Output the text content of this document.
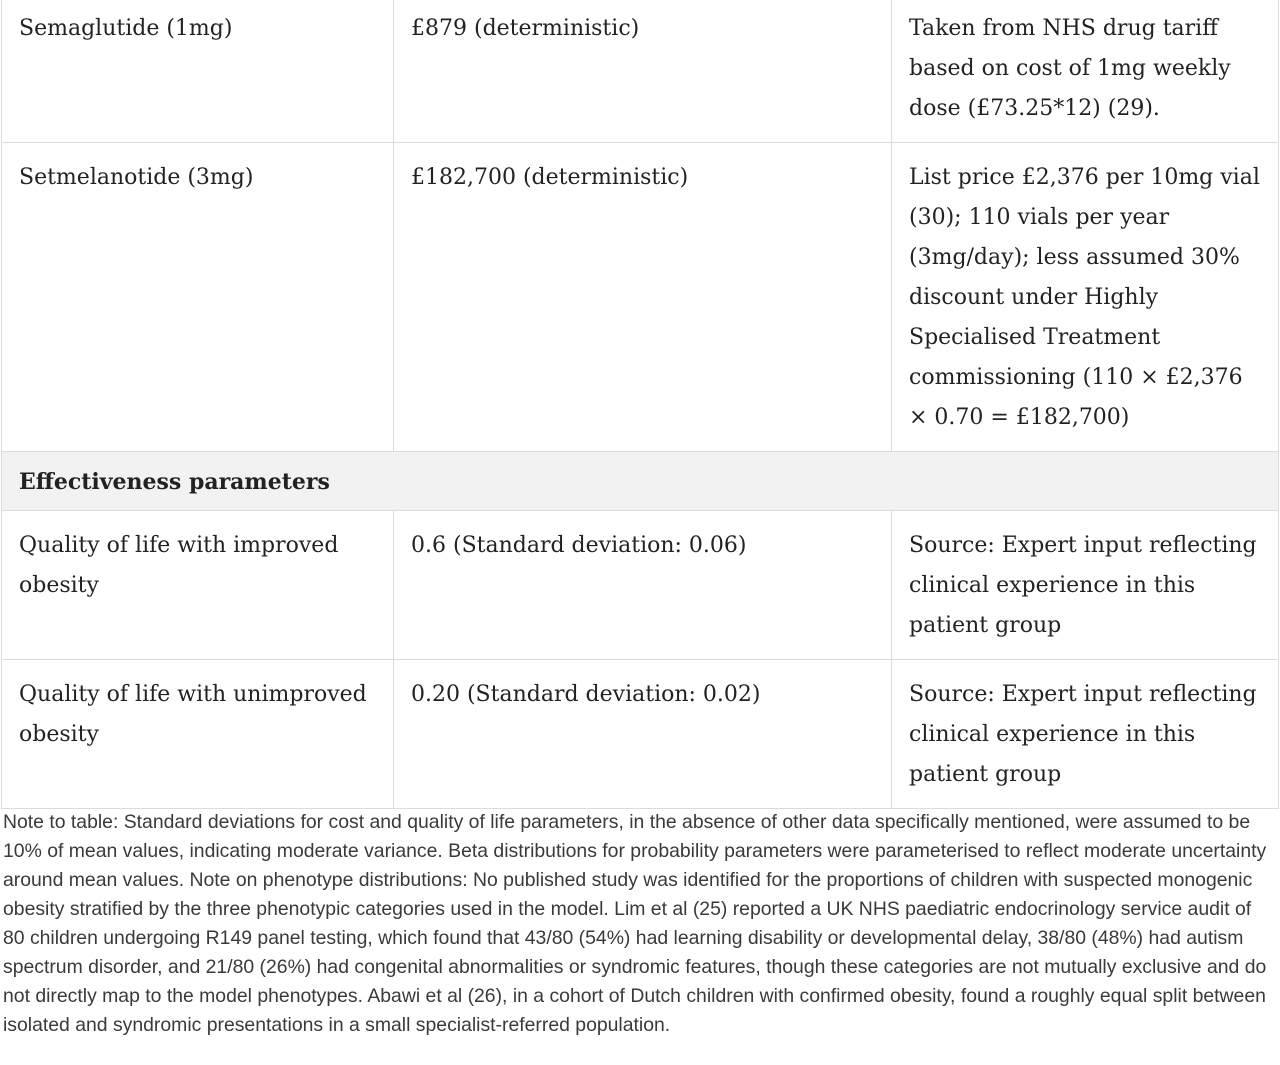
Semaglutide (1mg)	£879 (deterministic)	Taken from NHS drug tariff based on cost of 1mg weekly dose (£73.25*12) (29).
Setmelanotide (3mg)	£182,700 (deterministic)	List price £2,376 per 10mg vial (30); 110 vials per year (3mg/day); less assumed 30% discount under Highly Specialised Treatment commissioning (110 × £2,376 × 0.70 = £182,700)
Effectiveness parameters		
Quality of life with improved obesity	0.6 (Standard deviation: 0.06)	Source: Expert input reflecting clinical experience in this patient group
Quality of life with unimproved obesity	0.20 (Standard deviation: 0.02)	Source: Expert input reflecting clinical experience in this patient group

Note to table: Standard deviations for cost and quality of life parameters, in the absence of other data specifically mentioned, were assumed to be 10% of mean values, indicating moderate variance. Beta distributions for probability parameters were parameterised to reflect moderate uncertainty around mean values. Note on phenotype distributions: No published study was identified for the proportions of children with suspected monogenic obesity stratified by the three phenotypic categories used in the model. Lim et al (25) reported a UK NHS paediatric endocrinology service audit of 80 children undergoing R149 panel testing, which found that 43/80 (54%) had learning disability or developmental delay, 38/80 (48%) had autism spectrum disorder, and 21/80 (26%) had congenital abnormalities or syndromic features, though these categories are not mutually exclusive and do not directly map to the model phenotypes. Abawi et al (26), in a cohort of Dutch children with confirmed obesity, found a roughly equal split between isolated and syndromic presentations in a small specialist-referred population.
